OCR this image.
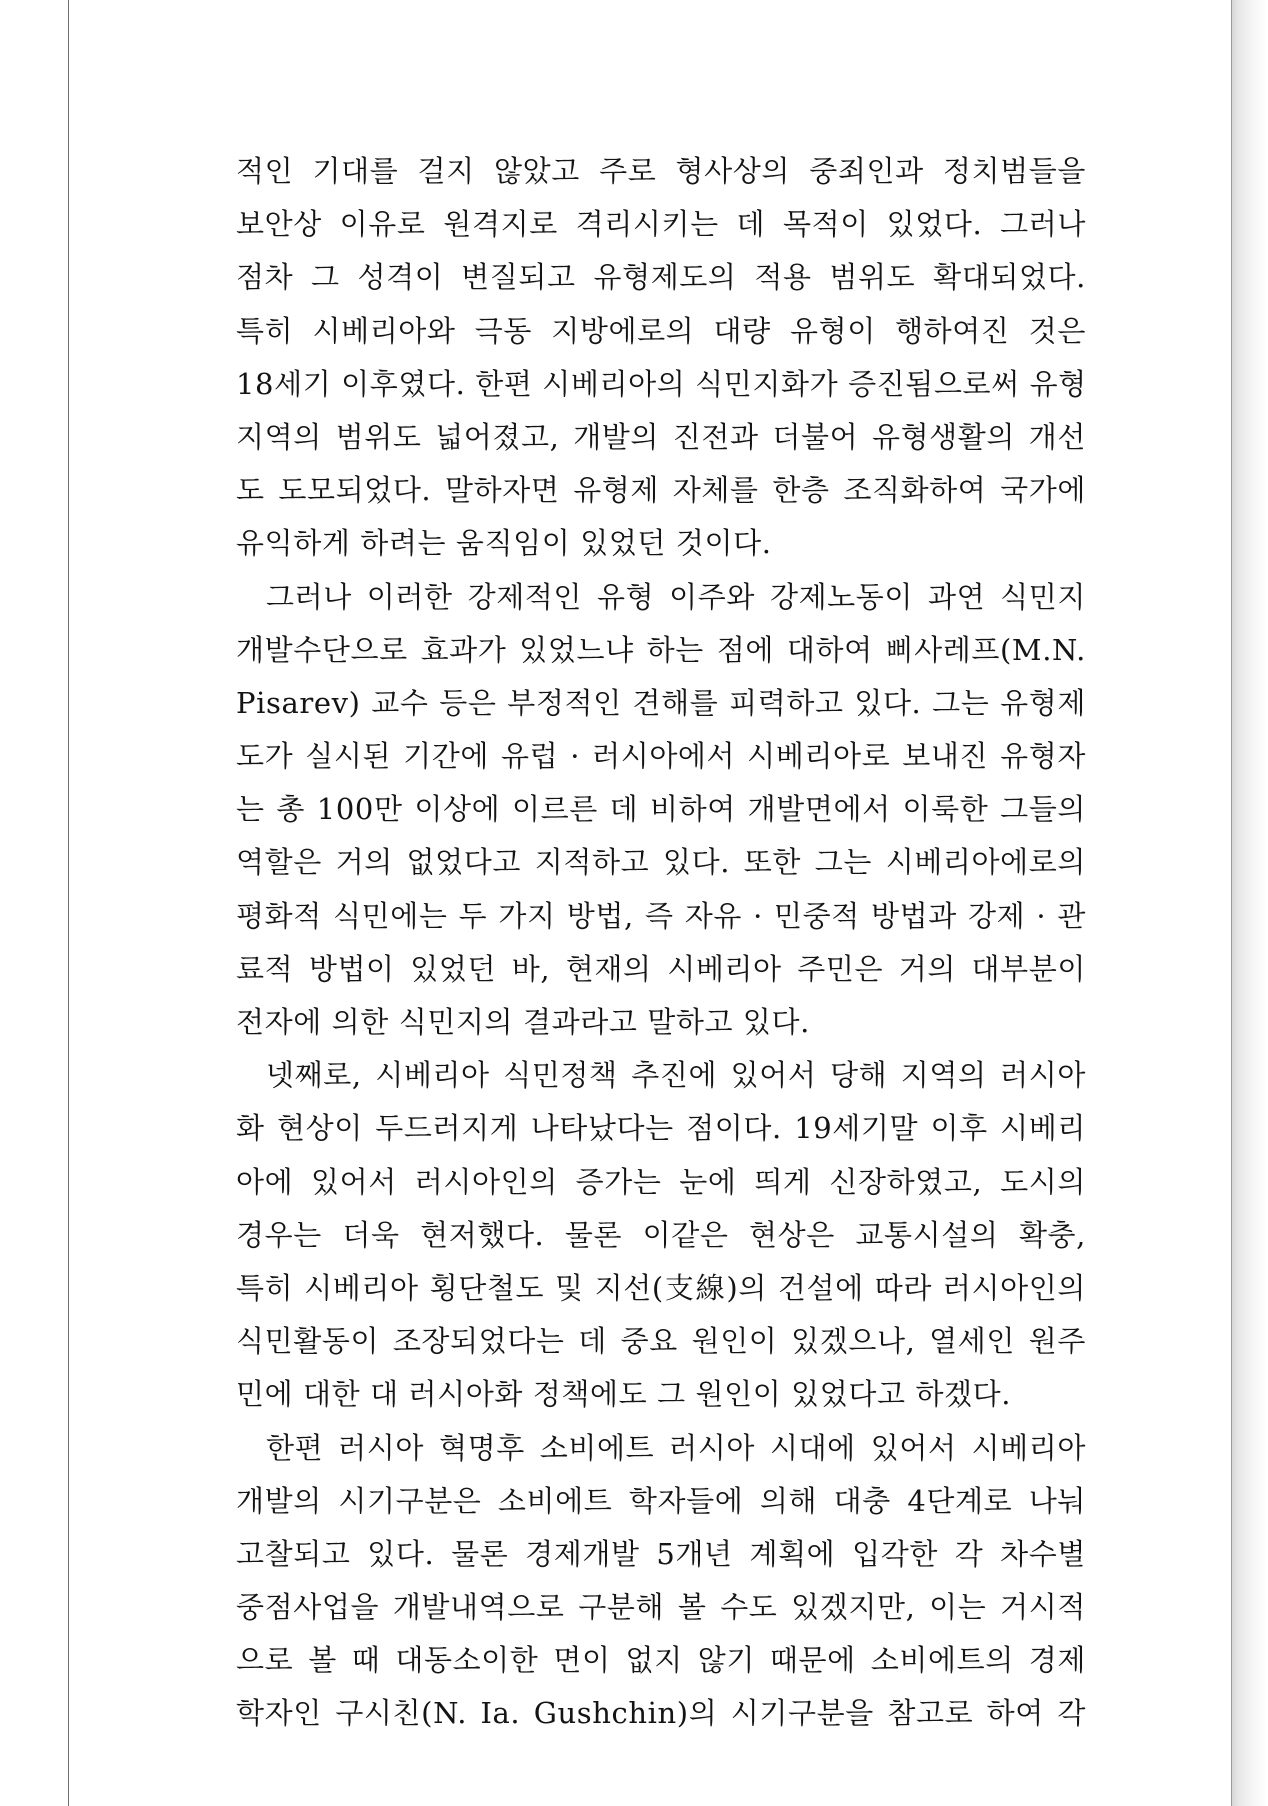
적인 기대를 걸지 않았고 주로 형사상의 중죄인과 정치범들을
보안상 이유로 원격지로 격리시키는 데 목적이 있었다. 그러나
점차 그 성격이 변질되고 유형제도의 적용 범위도 확대되었다.
특히 시베리아와 극동 지방에로의 대량 유형이 행하여진 것은
18세기 이후였다. 한편 시베리아의 식민지화가 증진됨으로써 유형
지역의 범위도 넓어졌고, 개발의 진전과 더불어 유형생활의 개선
도 도모되었다. 말하자면 유형제 자체를 한층 조직화하여 국가에
유익하게 하려는 움직임이 있었던 것이다.
그러나 이러한 강제적인 유형 이주와 강제노동이 과연 식민지
개발수단으로 효과가 있었느냐 하는 점에 대하여 삐사레프(M.N.
Pisarev) 교수 등은 부정적인 견해를 피력하고 있다. 그는 유형제
도가 실시된 기간에 유럽 · 러시아에서 시베리아로 보내진 유형자
는 총 100만 이상에 이르른 데 비하여 개발면에서 이룩한 그들의
역할은 거의 없었다고 지적하고 있다. 또한 그는 시베리아에로의
평화적 식민에는 두 가지 방법, 즉 자유 · 민중적 방법과 강제 · 관
료적 방법이 있었던 바, 현재의 시베리아 주민은 거의 대부분이
전자에 의한 식민지의 결과라고 말하고 있다.
넷째로, 시베리아 식민정책 추진에 있어서 당해 지역의 러시아
화 현상이 두드러지게 나타났다는 점이다. 19세기말 이후 시베리
아에 있어서 러시아인의 증가는 눈에 띄게 신장하였고, 도시의
경우는 더욱 현저했다. 물론 이같은 현상은 교통시설의 확충,
특히 시베리아 횡단철도 및 지선(支線)의 건설에 따라 러시아인의
식민활동이 조장되었다는 데 중요 원인이 있겠으나, 열세인 원주
민에 대한 대 러시아화 정책에도 그 원인이 있었다고 하겠다.
한편 러시아 혁명후 소비에트 러시아 시대에 있어서 시베리아
개발의 시기구분은 소비에트 학자들에 의해 대충 4단계로 나눠
고찰되고 있다. 물론 경제개발 5개년 계획에 입각한 각 차수별
중점사업을 개발내역으로 구분해 볼 수도 있겠지만, 이는 거시적
으로 볼 때 대동소이한 면이 없지 않기 때문에 소비에트의 경제
학자인 구시친(N. Ia. Gushchin)의 시기구분을 참고로 하여 각
